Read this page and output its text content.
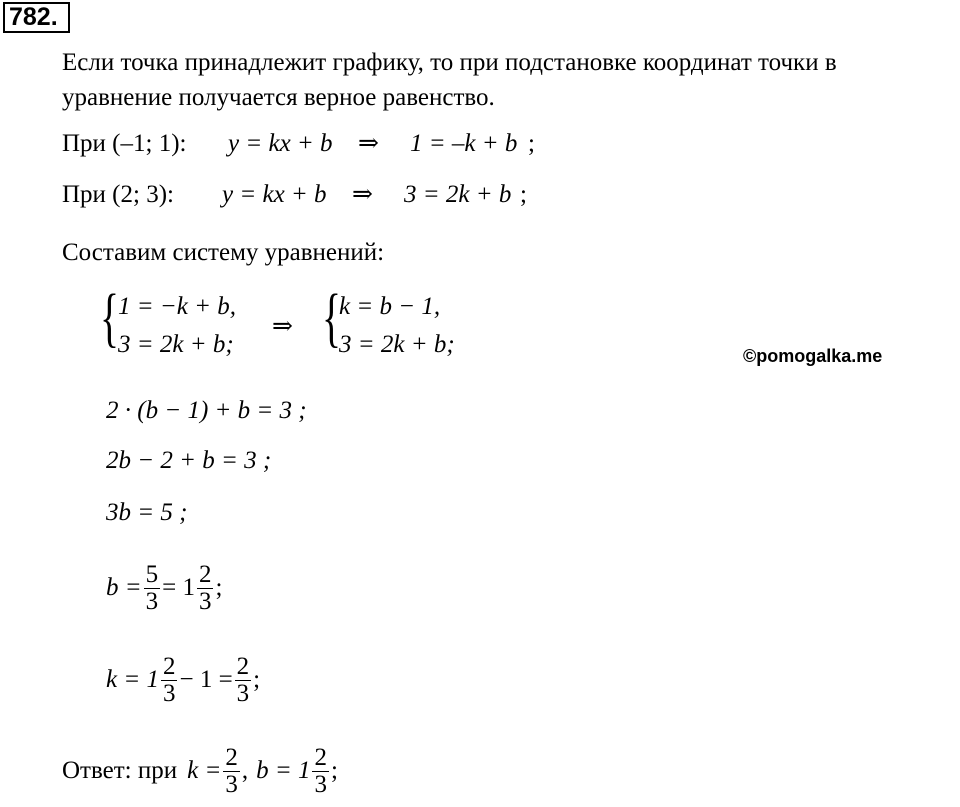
782.
Если точка принадлежит графику, то при подстановке координат точки в
уравнение получается верное равенство.
При (–1; 1): y = kx + b ⇒ 1 = –k + b ;
При (2; 3): y = kx + b ⇒ 3 = 2k + b ;
Составим систему уравнений:
{
1 = −k + b,
3 = 2k + b;
⇒ {
k = b − 1,
3 = 2k + b;	©pomogalka.me
2 · (b − 1) + b = 3 ;
2b − 2 + b = 3 ;
3b = 5 ;
$b = \frac{5}{3} = 1 \frac{2}{3}$ ;
$k = 1 \frac{2}{3} - 1 = \frac{2}{3}$ ;
Ответ: при $k = \frac{2}{3}$ , $b = 1 \frac{2}{3}$ ;
